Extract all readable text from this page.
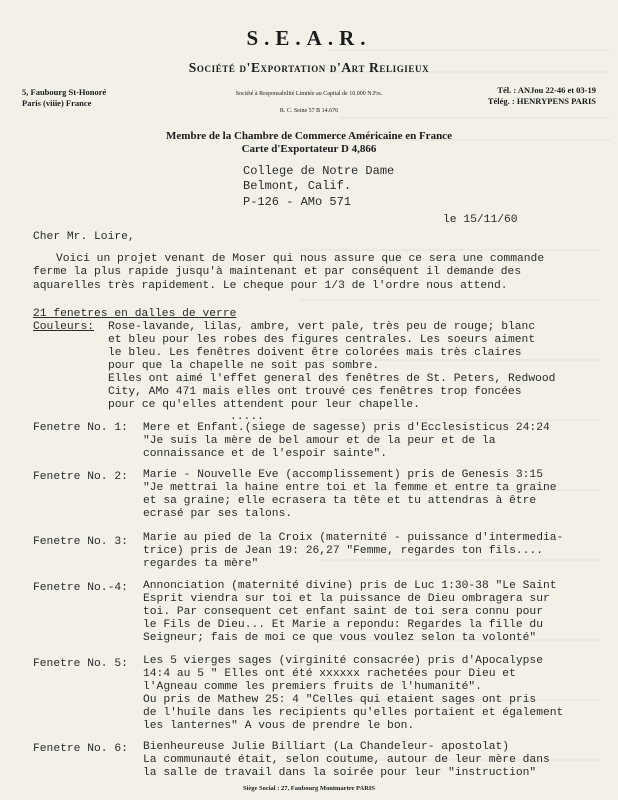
S.E.A.R.
Société d'Exportation d'Art Religieux
5, Faubourg St-Honoré
Paris (viiie) France
Société à Responsabilité Limitée au Capital de 10.000 N.Frs.
R. C. Seine 57 B 14.676
Tél. : ANJou 22-46 et 03-19
Télég. : HENRYPENS PARIS
Membre de la Chambre de Commerce Américaine en France
Carte d'Exportateur D 4,866
College de Notre Dame
Belmont, Calif.
P-126 - AMo 571
le 15/11/60
Cher Mr. Loire,
Voici un projet venant de Moser qui nous assure que ce sera une commande
ferme la plus rapide jusqu'à maintenant et par conséquent il demande des
aquarelles très rapidement. Le cheque pour 1/3 de l'ordre nous attend.
21 fenetres en dalles de verre
Couleurs: Rose-lavande, lilas, ambre, vert pale, très peu de rouge; blanc
et bleu pour les robes des figures centrales. Les soeurs aiment
le bleu. Les fenêtres doivent être colorées mais très claires
pour que la chapelle ne soit pas sombre.
Elles ont aimé l'effet general des fenêtres de St. Peters, Redwood
City, AMo 471 mais elles ont trouvé ces fenêtres trop foncées
pour ce qu'elles attendent pour leur chapelle.
.....
Fenetre No. 1: Mere et Enfant.(siege de sagesse) pris d'Ecclesisticus 24:24
"Je suis la mère de bel amour et de la peur et de la
connaissance et de l'espoir sainte".
Fenetre No. 2: Marie - Nouvelle Eve (accomplissement) pris de Genesis 3:15
"Je mettrai la haine entre toi et la femme et entre ta graine
et sa graine; elle ecrasera ta tête et tu attendras à être
ecrasé par ses talons.
Fenetre No. 3: Marie au pied de la Croix (maternité - puissance d'intermedia-
trice) pris de Jean 19: 26,27 "Femme, regardes ton fils....
regardes ta mère"
Fenetre No.-4: Annonciation (maternité divine) pris de Luc 1:30-38 "Le Saint
Esprit viendra sur toi et la puissance de Dieu ombragera sur
toi. Par consequent cet enfant saint de toi sera connu pour
le Fils de Dieu... Et Marie a repondu: Regardes la fille du
Seigneur; fais de moi ce que vous voulez selon ta volonté"
Fenetre No. 5: Les 5 vierges sages (virginité consacrée) pris d'Apocalypse
14:4 au 5 " Elles ont été xxxxxx rachetées pour Dieu et
l'Agneau comme les premiers fruits de l'humanité".
Ou pris de Mathew 25: 4 "Celles qui etaient sages ont pris
de l'huile dans les recipients qu'elles portaient et également
les lanternes" A vous de prendre le bon.
Fenetre No. 6: Bienheureuse Julie Billiart (La Chandeleur- apostolat)
La communauté était, selon coutume, autour de leur mère dans
la salle de travail dans la soirée pour leur "instruction"
Siège Social : 27, Faubourg Montmartre PARIS
